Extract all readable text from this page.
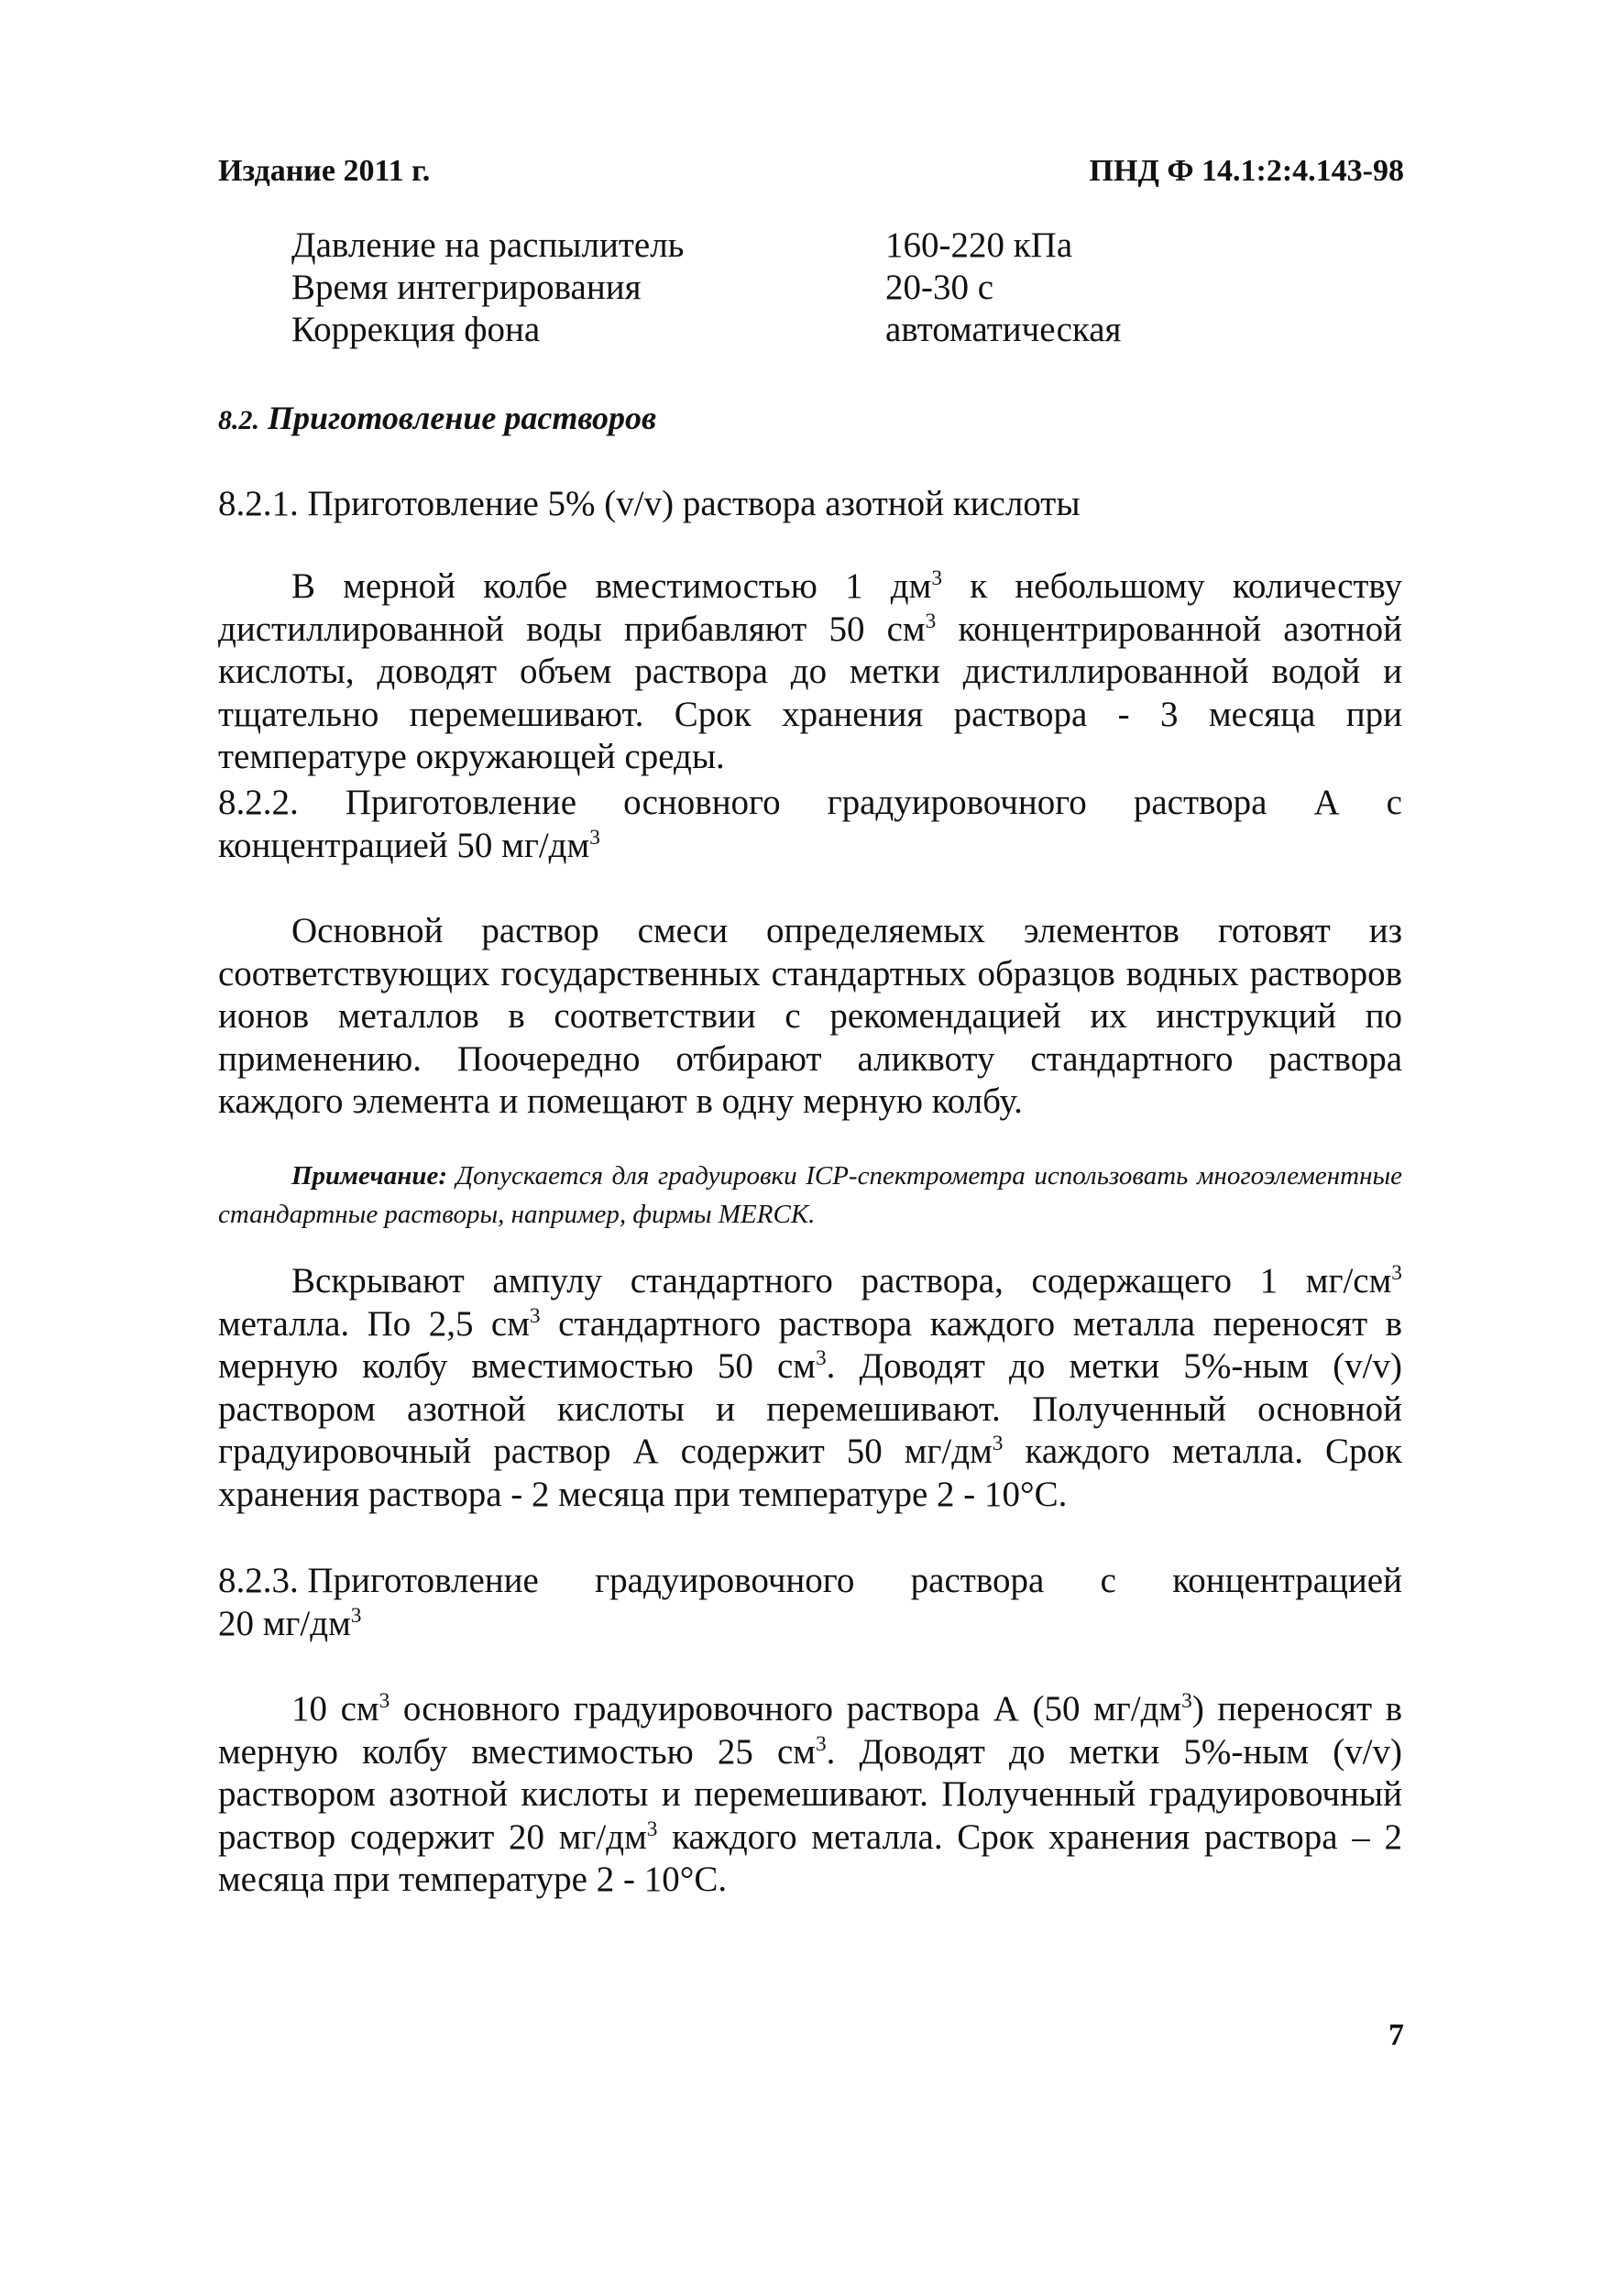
Издание 2011 г.	ПНД Ф 14.1:2:4.143-98
Давление на распылитель	160-220 кПа
Время интегрирования	20-30 с
Коррекция фона	автоматическая
8.2. Приготовление растворов
8.2.1. Приготовление 5% (v/v) раствора азотной кислоты
В мерной колбе вместимостью 1 $дм^3$ к небольшому количеству дистиллированной воды прибавляют 50 $см^3$ концентрированной азотной кислоты, доводят объем раствора до метки дистиллированной водой и тщательно перемешивают. Срок хранения раствора - 3 месяца при температуре окружающей среды.
8.2.2. Приготовление основного градуировочного раствора А с концентрацией 50 $мг/дм^3$
Основной раствор смеси определяемых элементов готовят из соответствующих государственных стандартных образцов водных растворов ионов металлов в соответствии с рекомендацией их инструкций по применению. Поочередно отбирают аликвоту стандартного раствора каждого элемента и помещают в одну мерную колбу.
Примечание: Допускается для градуировки ICP-спектрометра использовать многоэлементные стандартные растворы, например, фирмы MERCK.
Вскрывают ампулу стандартного раствора, содержащего 1 $мг/см^3$ металла. По 2,5 $см^3$ стандартного раствора каждого металла переносят в мерную колбу вместимостью 50 $см^3$. Доводят до метки 5%-ным (v/v) раствором азотной кислоты и перемешивают. Полученный основной градуировочный раствор А содержит 50 $мг/дм^3$ каждого металла. Срок хранения раствора - 2 месяца при температуре 2 - 10°С.
8.2.3. Приготовление градуировочного раствора с концентрацией
20 $мг/дм^3$
10 $см^3$ основного градуировочного раствора А (50 $мг/дм^3$) переносят в мерную колбу вместимостью 25 $см^3$. Доводят до метки 5%-ным (v/v) раствором азотной кислоты и перемешивают. Полученный градуировочный раствор содержит 20 $мг/дм^3$ каждого металла. Срок хранения раствора – 2 месяца при температуре 2 - 10°С.
7
